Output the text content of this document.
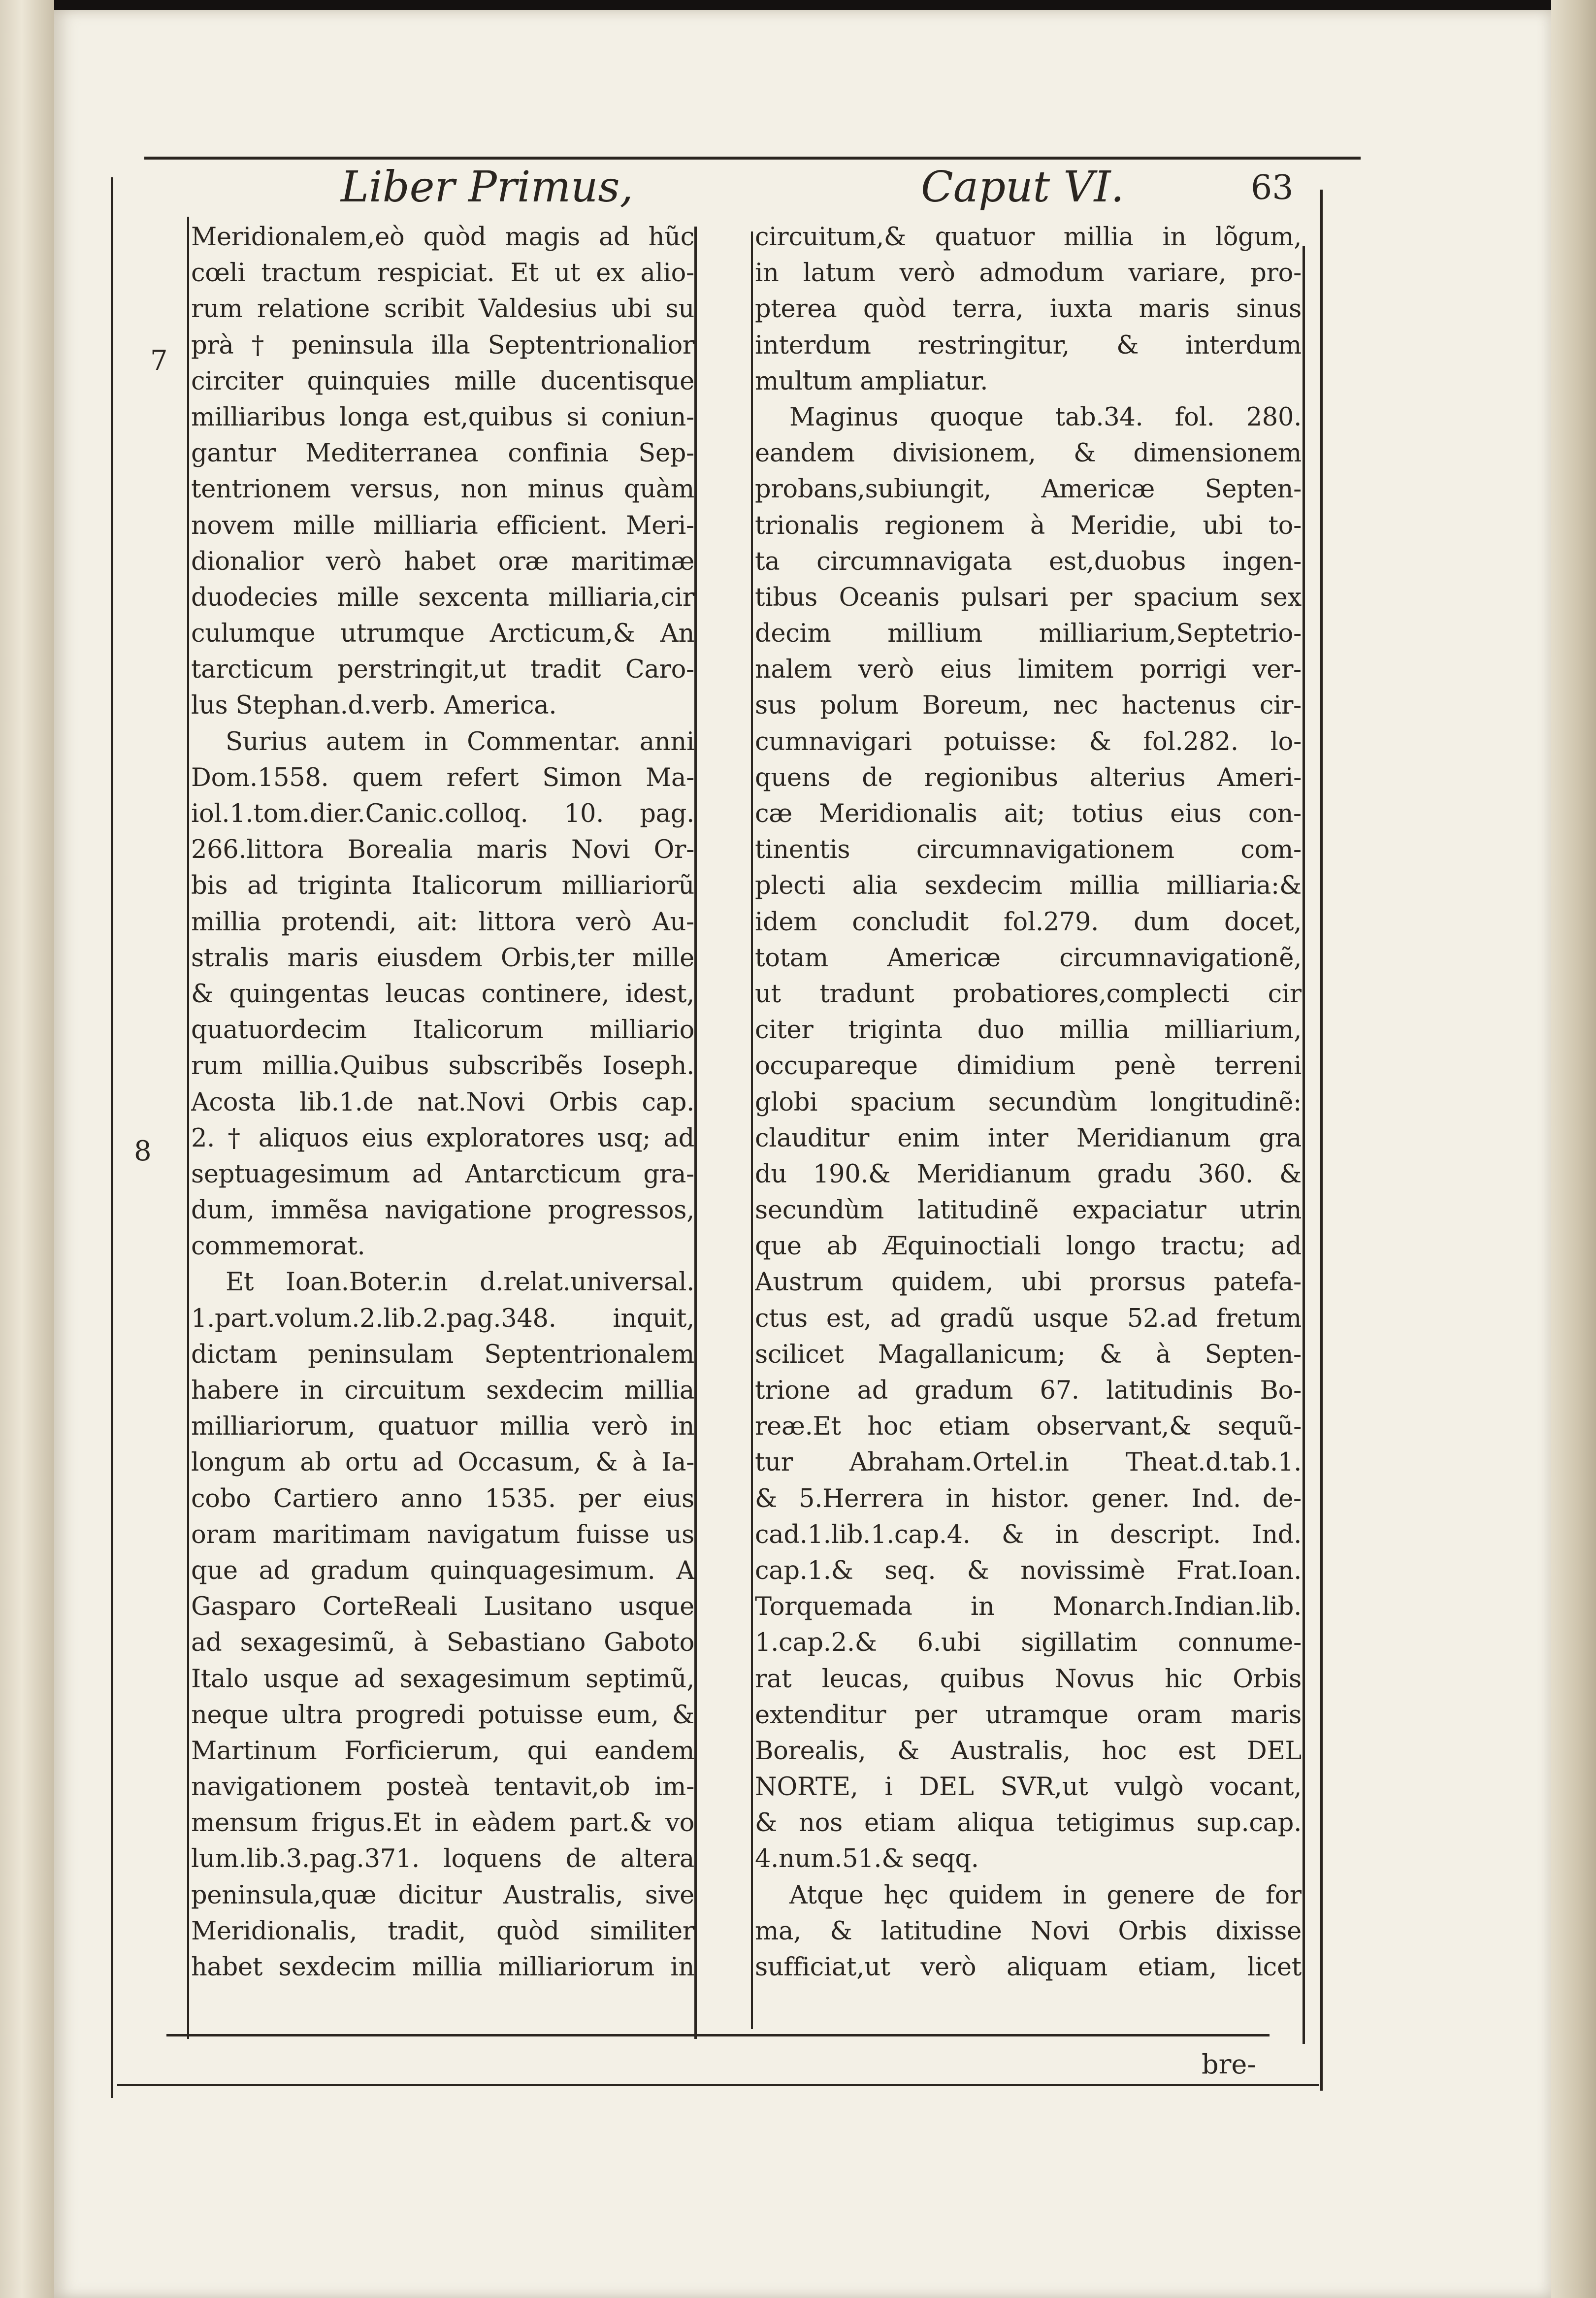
Liber Primus,	Caput VI.	63
7
8
Meridionalem,eò quòd magis ad hũc
cœli tractum respiciat. Et ut ex alio-
rum relatione scribit Valdesius ubi su
prà † peninsula illa Septentrionalior
circiter quinquies mille ducentisque
milliaribus longa est,quibus si coniun-
gantur Mediterranea confinia Sep-
tentrionem versus, non minus quàm
novem mille milliaria efficient. Meri-
dionalior verò habet oræ maritimæ
duodecies mille sexcenta milliaria,cir
culumque utrumque Arcticum,& An
tarcticum perstringit,ut tradit Caro-
lus Stephan.d.verb. America.
Surius autem in Commentar. anni
Dom.1558. quem refert Simon Ma-
iol.1.tom.dier.Canic.colloq. 10. pag.
266.littora Borealia maris Novi Or-
bis ad triginta Italicorum milliariorũ
millia protendi, ait: littora verò Au-
stralis maris eiusdem Orbis,ter mille
& quingentas leucas continere, idest,
quatuordecim Italicorum milliario
rum millia.Quibus subscribẽs Ioseph.
Acosta lib.1.de nat.Novi Orbis cap.
2. † aliquos eius exploratores usq; ad
septuagesimum ad Antarcticum gra-
dum, immẽsa navigatione progressos,
commemorat.
Et Ioan.Boter.in d.relat.universal.
1.part.volum.2.lib.2.pag.348. inquit,
dictam peninsulam Septentrionalem
habere in circuitum sexdecim millia
milliariorum, quatuor millia verò in
longum ab ortu ad Occasum, & à Ia-
cobo Cartiero anno 1535. per eius
oram maritimam navigatum fuisse us
que ad gradum quinquagesimum. A
Gasparo CorteReali Lusitano usque
ad sexagesimũ, à Sebastiano Gaboto
Italo usque ad sexagesimum septimũ,
neque ultra progredi potuisse eum, &
Martinum Forficierum, qui eandem
navigationem posteà tentavit,ob im-
mensum frigus.Et in eàdem part.& vo
lum.lib.3.pag.371. loquens de altera
peninsula,quæ dicitur Australis, sive
Meridionalis, tradit, quòd similiter
habet sexdecim millia milliariorum in
circuitum,& quatuor millia in lõgum,
in latum verò admodum variare, pro-
pterea quòd terra, iuxta maris sinus
interdum restringitur, & interdum
multum ampliatur.
Maginus quoque tab.34. fol. 280.
eandem divisionem, & dimensionem
probans,subiungit, Americæ Septen-
trionalis regionem à Meridie, ubi to-
ta circumnavigata est,duobus ingen-
tibus Oceanis pulsari per spacium sex
decim millium milliarium,Septetrio-
nalem verò eius limitem porrigi ver-
sus polum Boreum, nec hactenus cir-
cumnavigari potuisse: & fol.282. lo-
quens de regionibus alterius Ameri-
cæ Meridionalis ait; totius eius con-
tinentis circumnavigationem com-
plecti alia sexdecim millia milliaria:&
idem concludit fol.279. dum docet,
totam Americæ circumnavigationẽ,
ut tradunt probatiores,complecti cir
citer triginta duo millia milliarium,
occupareque dimidium penè terreni
globi spacium secundùm longitudinẽ:
clauditur enim inter Meridianum gra
du 190.& Meridianum gradu 360. &
secundùm latitudinẽ expaciatur utrin
que ab Æquinoctiali longo tractu; ad
Austrum quidem, ubi prorsus patefa-
ctus est, ad gradũ usque 52.ad fretum
scilicet Magallanicum; & à Septen-
trione ad gradum 67. latitudinis Bo-
reæ.Et hoc etiam observant,& sequũ-
tur Abraham.Ortel.in Theat.d.tab.1.
& 5.Herrera in histor. gener. Ind. de-
cad.1.lib.1.cap.4. & in descript. Ind.
cap.1.& seq. & novissimè Frat.Ioan.
Torquemada in Monarch.Indian.lib.
1.cap.2.& 6.ubi sigillatim connume-
rat leucas, quibus Novus hic Orbis
extenditur per utramque oram maris
Borealis, & Australis, hoc est DEL
NORTE, i DEL SVR,ut vulgò vocant,
& nos etiam aliqua tetigimus sup.cap.
4.num.51.& seqq.
Atque hęc quidem in genere de for
ma, & latitudine Novi Orbis dixisse
sufficiat,ut verò aliquam etiam, licet
bre-
